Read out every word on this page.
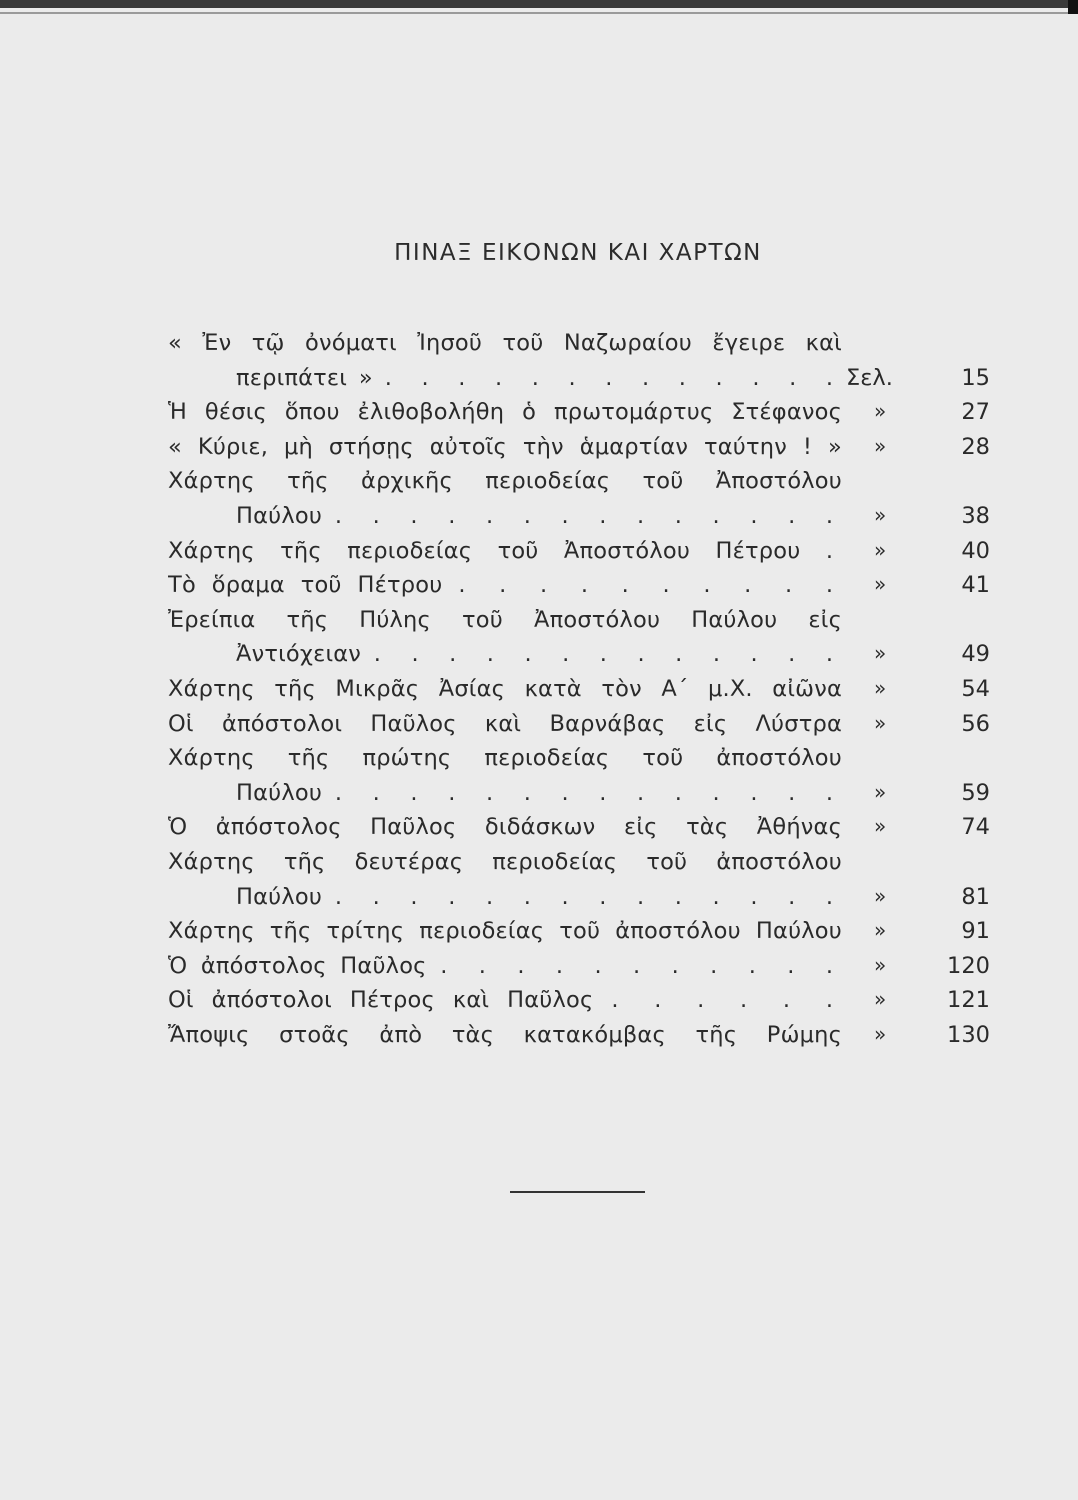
ΠΙΝΑΞ ΕΙΚΟΝΩΝ ΚΑΙ ΧΑΡΤΩΝ
« Ἐν τῷ ὀνόματι Ἰησοῦ τοῦ Ναζωραίου ἔγειρε καὶ
περιπάτει » . . . . . . . . . . . . . Σελ.	15
Ἡ θέσις ὅπου ἐλιθοβολήθη ὁ πρωτομάρτυς Στέφανος »	27
« Κύριε, μὴ στήσῃς αὐτοῖς τὴν ἁμαρτίαν ταύτην ! » »	28
Χάρτης τῆς ἀρχικῆς περιοδείας τοῦ Ἀποστόλου
Παύλου . . . . . . . . . . . . . . »	38
Χάρτης τῆς περιοδείας τοῦ Ἀποστόλου Πέτρου . »	40
Τὸ ὅραμα τοῦ Πέτρου . . . . . . . . . . »	41
Ἐρείπια τῆς Πύλης τοῦ Ἀποστόλου Παύλου εἰς
Ἀντιόχειαν . . . . . . . . . . . . . »	49
Χάρτης τῆς Μικρᾶς Ἀσίας κατὰ τὸν Α΄ μ.Χ. αἰῶνα »	54
Οἱ ἀπόστολοι Παῦλος καὶ Βαρνάβας εἰς Λύστρα »	56
Χάρτης τῆς πρώτης περιοδείας τοῦ ἀποστόλου
Παύλου . . . . . . . . . . . . . . »	59
Ὁ ἀπόστολος Παῦλος διδάσκων εἰς τὰς Ἀθήνας »	74
Χάρτης τῆς δευτέρας περιοδείας τοῦ ἀποστόλου
Παύλου . . . . . . . . . . . . . . »	81
Χάρτης τῆς τρίτης περιοδείας τοῦ ἀποστόλου Παύλου »	91
Ὁ ἀπόστολος Παῦλος . . . . . . . . . . . »	120
Οἱ ἀπόστολοι Πέτρος καὶ Παῦλος . . . . . . »	121
Ἄποψις στοᾶς ἀπὸ τὰς κατακόμβας τῆς Ρώμης »	130
